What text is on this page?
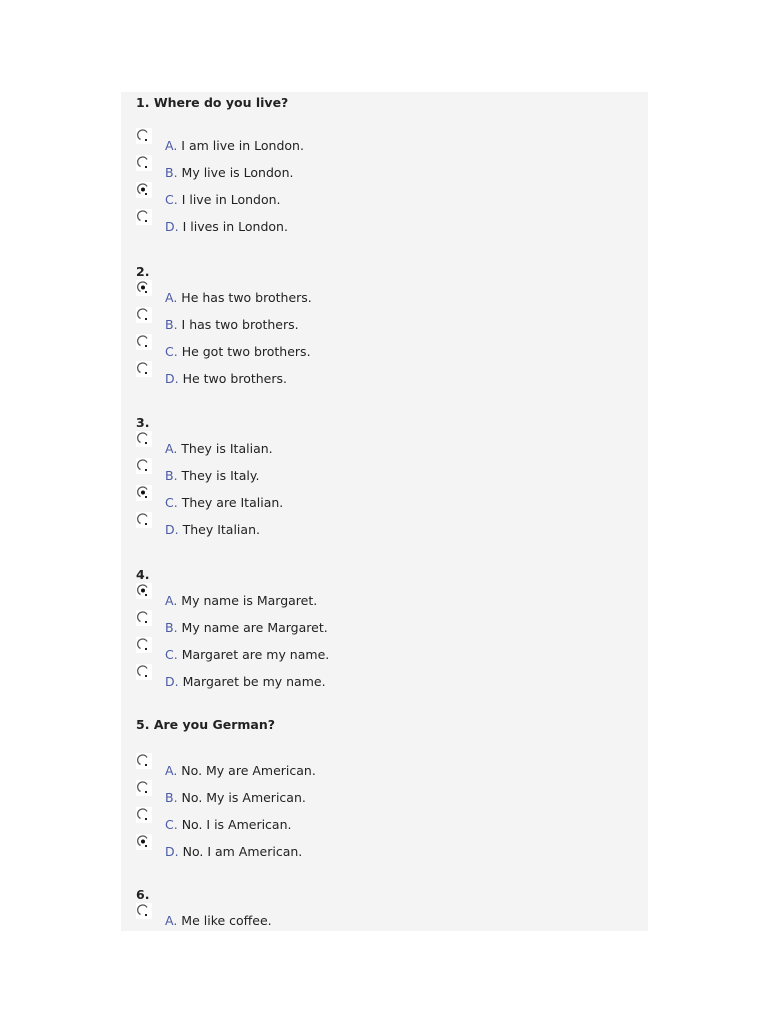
1. Where do you live?
A. I am live in London.
B. My live is London.
C. I live in London.
D. I lives in London.
2.
A. He has two brothers.
B. I has two brothers.
C. He got two brothers.
D. He two brothers.
3.
A. They is Italian.
B. They is Italy.
C. They are Italian.
D. They Italian.
4.
A. My name is Margaret.
B. My name are Margaret.
C. Margaret are my name.
D. Margaret be my name.
5. Are you German?
A. No. My are American.
B. No. My is American.
C. No. I is American.
D. No. I am American.
6.
A. Me like coffee.
